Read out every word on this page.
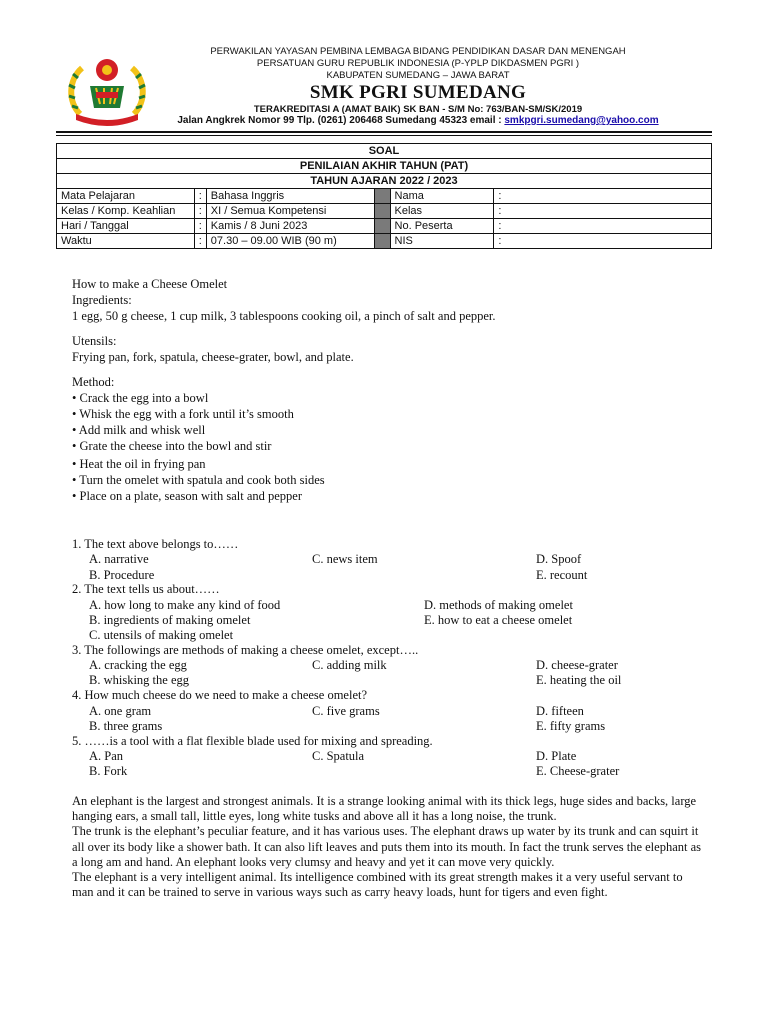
PERWAKILAN YAYASAN PEMBINA LEMBAGA BIDANG PENDIDIKAN DASAR DAN MENENGAH
PERSATUAN GURU REPUBLIK INDONESIA (P-YPLP DIKDASMEN PGRI )
KABUPATEN SUMEDANG – JAWA BARAT
SMK PGRI SUMEDANG
TERAKREDITASI A (AMAT BAIK) SK BAN - S/M No: 763/BAN-SM/SK/2019
Jalan Angkrek Nomor 99 Tlp. (0261) 206468 Sumedang 45323 email : smkpgri.sumedang@yahoo.com
SOAL					
PENILAIAN AKHIR TAHUN (PAT)					
TAHUN AJARAN 2022 / 2023					
Mata Pelajaran	:	Bahasa Inggris		Nama	:
Kelas / Komp. Keahlian	:	XI / Semua Kompetensi		Kelas	:
Hari / Tanggal	:	Kamis / 8 Juni 2023		No. Peserta	:
Waktu	:	07.30 – 09.00 WIB (90 m)		NIS	:
How to make a Cheese Omelet
Ingredients:
1 egg, 50 g cheese, 1 cup milk, 3 tablespoons cooking oil, a pinch of salt and pepper.
Utensils:
Frying pan, fork, spatula, cheese-grater, bowl, and plate.
Method:
• Crack the egg into a bowl
• Whisk the egg with a fork until it’s smooth
• Add milk and whisk well
• Grate the cheese into the bowl and stir
• Heat the oil in frying pan
• Turn the omelet with spatula and cook both sides
• Place on a plate, season with salt and pepper
1. The text above belongs to……
A. narrative	C. news item	D. Spoof
B. Procedure	E. recount
2. The text tells us about……
A. how long to make any kind of food	D. methods of making omelet
B. ingredients of making omelet	E. how to eat a cheese omelet
C. utensils of making omelet
3. The followings are methods of making a cheese omelet, except…..
A. cracking the egg	C. adding milk	D. cheese-grater
B. whisking the egg	E. heating the oil
4. How much cheese do we need to make a cheese omelet?
A. one gram	C. five grams	D. fifteen
B. three grams	E. fifty grams
5. ……is a tool with a flat flexible blade used for mixing and spreading.
A. Pan	C. Spatula	D. Plate
B. Fork	E. Cheese-grater

An elephant is the largest and strongest animals. It is a strange looking animal with its thick legs, huge sides and backs, large hanging ears, a small tall, little eyes, long white tusks and above all it has a long noise, the trunk.

The trunk is the elephant’s peculiar feature, and it has various uses. The elephant draws up water by its trunk and can squirt it all over its body like a shower bath. It can also lift leaves and puts them into its mouth. In fact the trunk serves the elephant as a long am and hand. An elephant looks very clumsy and heavy and yet it can move very quickly.

The elephant is a very intelligent animal. Its intelligence combined with its great strength makes it a very useful servant to man and it can be trained to serve in various ways such as carry heavy loads, hunt for tigers and even fight.
